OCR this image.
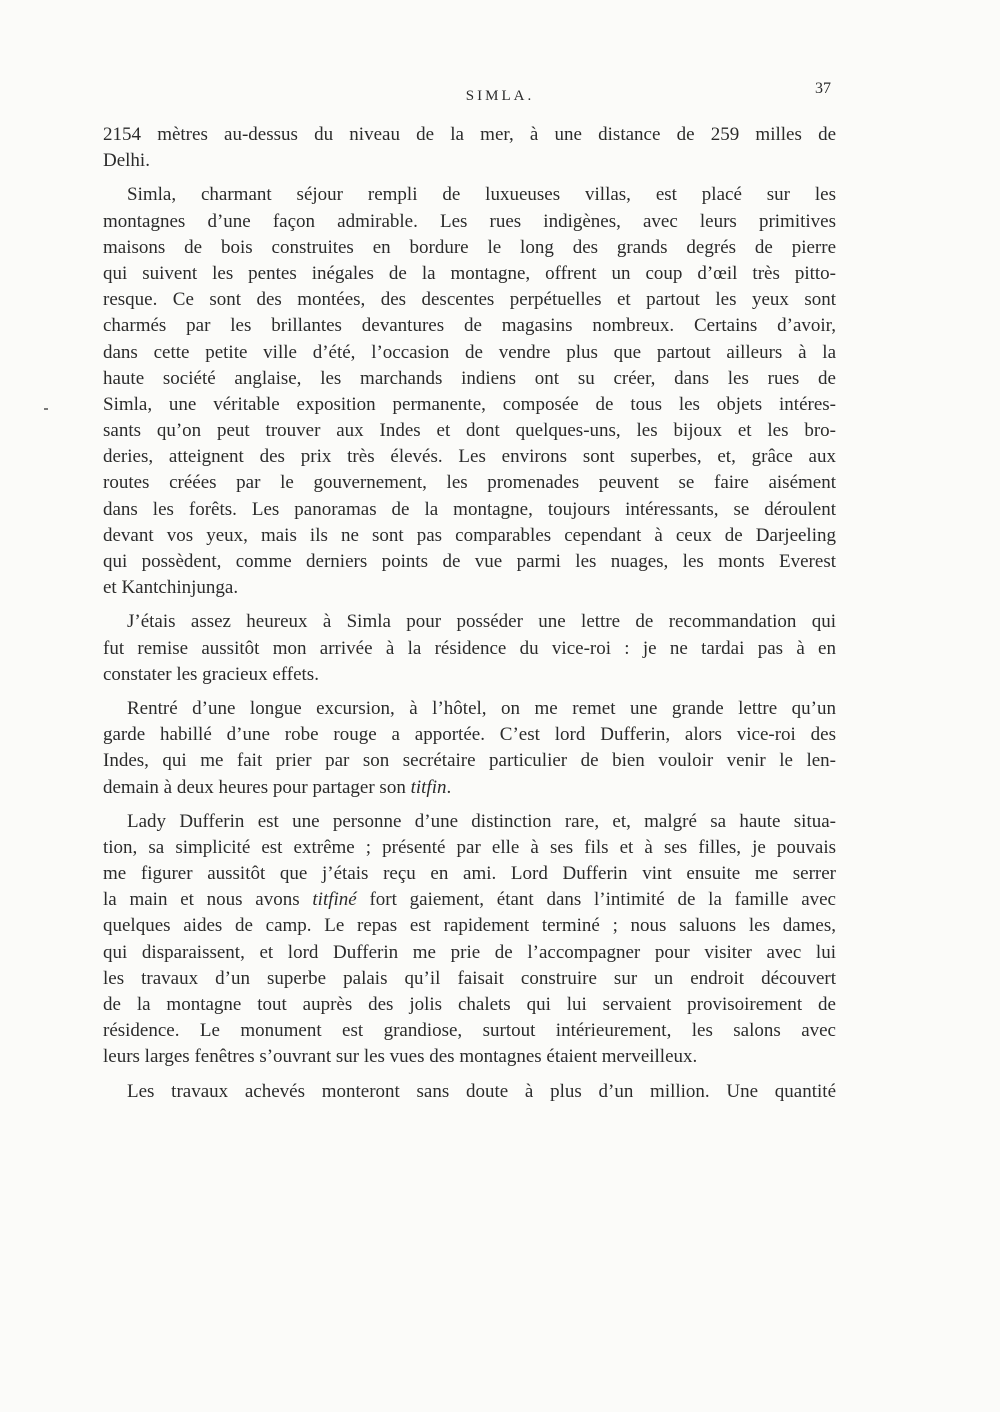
SIMLA.	37
2154 mètres au-dessus du niveau de la mer, à une distance de 259 milles de
Delhi.
Simla, charmant séjour rempli de luxueuses villas, est placé sur les
montagnes d’une façon admirable. Les rues indigènes, avec leurs primitives
maisons de bois construites en bordure le long des grands degrés de pierre
qui suivent les pentes inégales de la montagne, offrent un coup d’œil très pitto-
resque. Ce sont des montées, des descentes perpétuelles et partout les yeux sont
charmés par les brillantes devantures de magasins nombreux. Certains d’avoir,
dans cette petite ville d’été, l’occasion de vendre plus que partout ailleurs à la
haute société anglaise, les marchands indiens ont su créer, dans les rues de
Simla, une véritable exposition permanente, composée de tous les objets intéres-
sants qu’on peut trouver aux Indes et dont quelques-uns, les bijoux et les bro-
deries, atteignent des prix très élevés. Les environs sont superbes, et, grâce aux
routes créées par le gouvernement, les promenades peuvent se faire aisément
dans les forêts. Les panoramas de la montagne, toujours intéressants, se déroulent
devant vos yeux, mais ils ne sont pas comparables cependant à ceux de Darjeeling
qui possèdent, comme derniers points de vue parmi les nuages, les monts Everest
et Kantchinjunga.
J’étais assez heureux à Simla pour posséder une lettre de recommandation qui
fut remise aussitôt mon arrivée à la résidence du vice-roi : je ne tardai pas à en
constater les gracieux effets.
Rentré d’une longue excursion, à l’hôtel, on me remet une grande lettre qu’un
garde habillé d’une robe rouge a apportée. C’est lord Dufferin, alors vice-roi des
Indes, qui me fait prier par son secrétaire particulier de bien vouloir venir le len-
demain à deux heures pour partager son titfin.
Lady Dufferin est une personne d’une distinction rare, et, malgré sa haute situa-
tion, sa simplicité est extrême ; présenté par elle à ses fils et à ses filles, je pouvais
me figurer aussitôt que j’étais reçu en ami. Lord Dufferin vint ensuite me serrer
la main et nous avons titfiné fort gaiement, étant dans l’intimité de la famille avec
quelques aides de camp. Le repas est rapidement terminé ; nous saluons les dames,
qui disparaissent, et lord Dufferin me prie de l’accompagner pour visiter avec lui
les travaux d’un superbe palais qu’il faisait construire sur un endroit découvert
de la montagne tout auprès des jolis chalets qui lui servaient provisoirement de
résidence. Le monument est grandiose, surtout intérieurement, les salons avec
leurs larges fenêtres s’ouvrant sur les vues des montagnes étaient merveilleux.
Les travaux achevés monteront sans doute à plus d’un million. Une quantité
